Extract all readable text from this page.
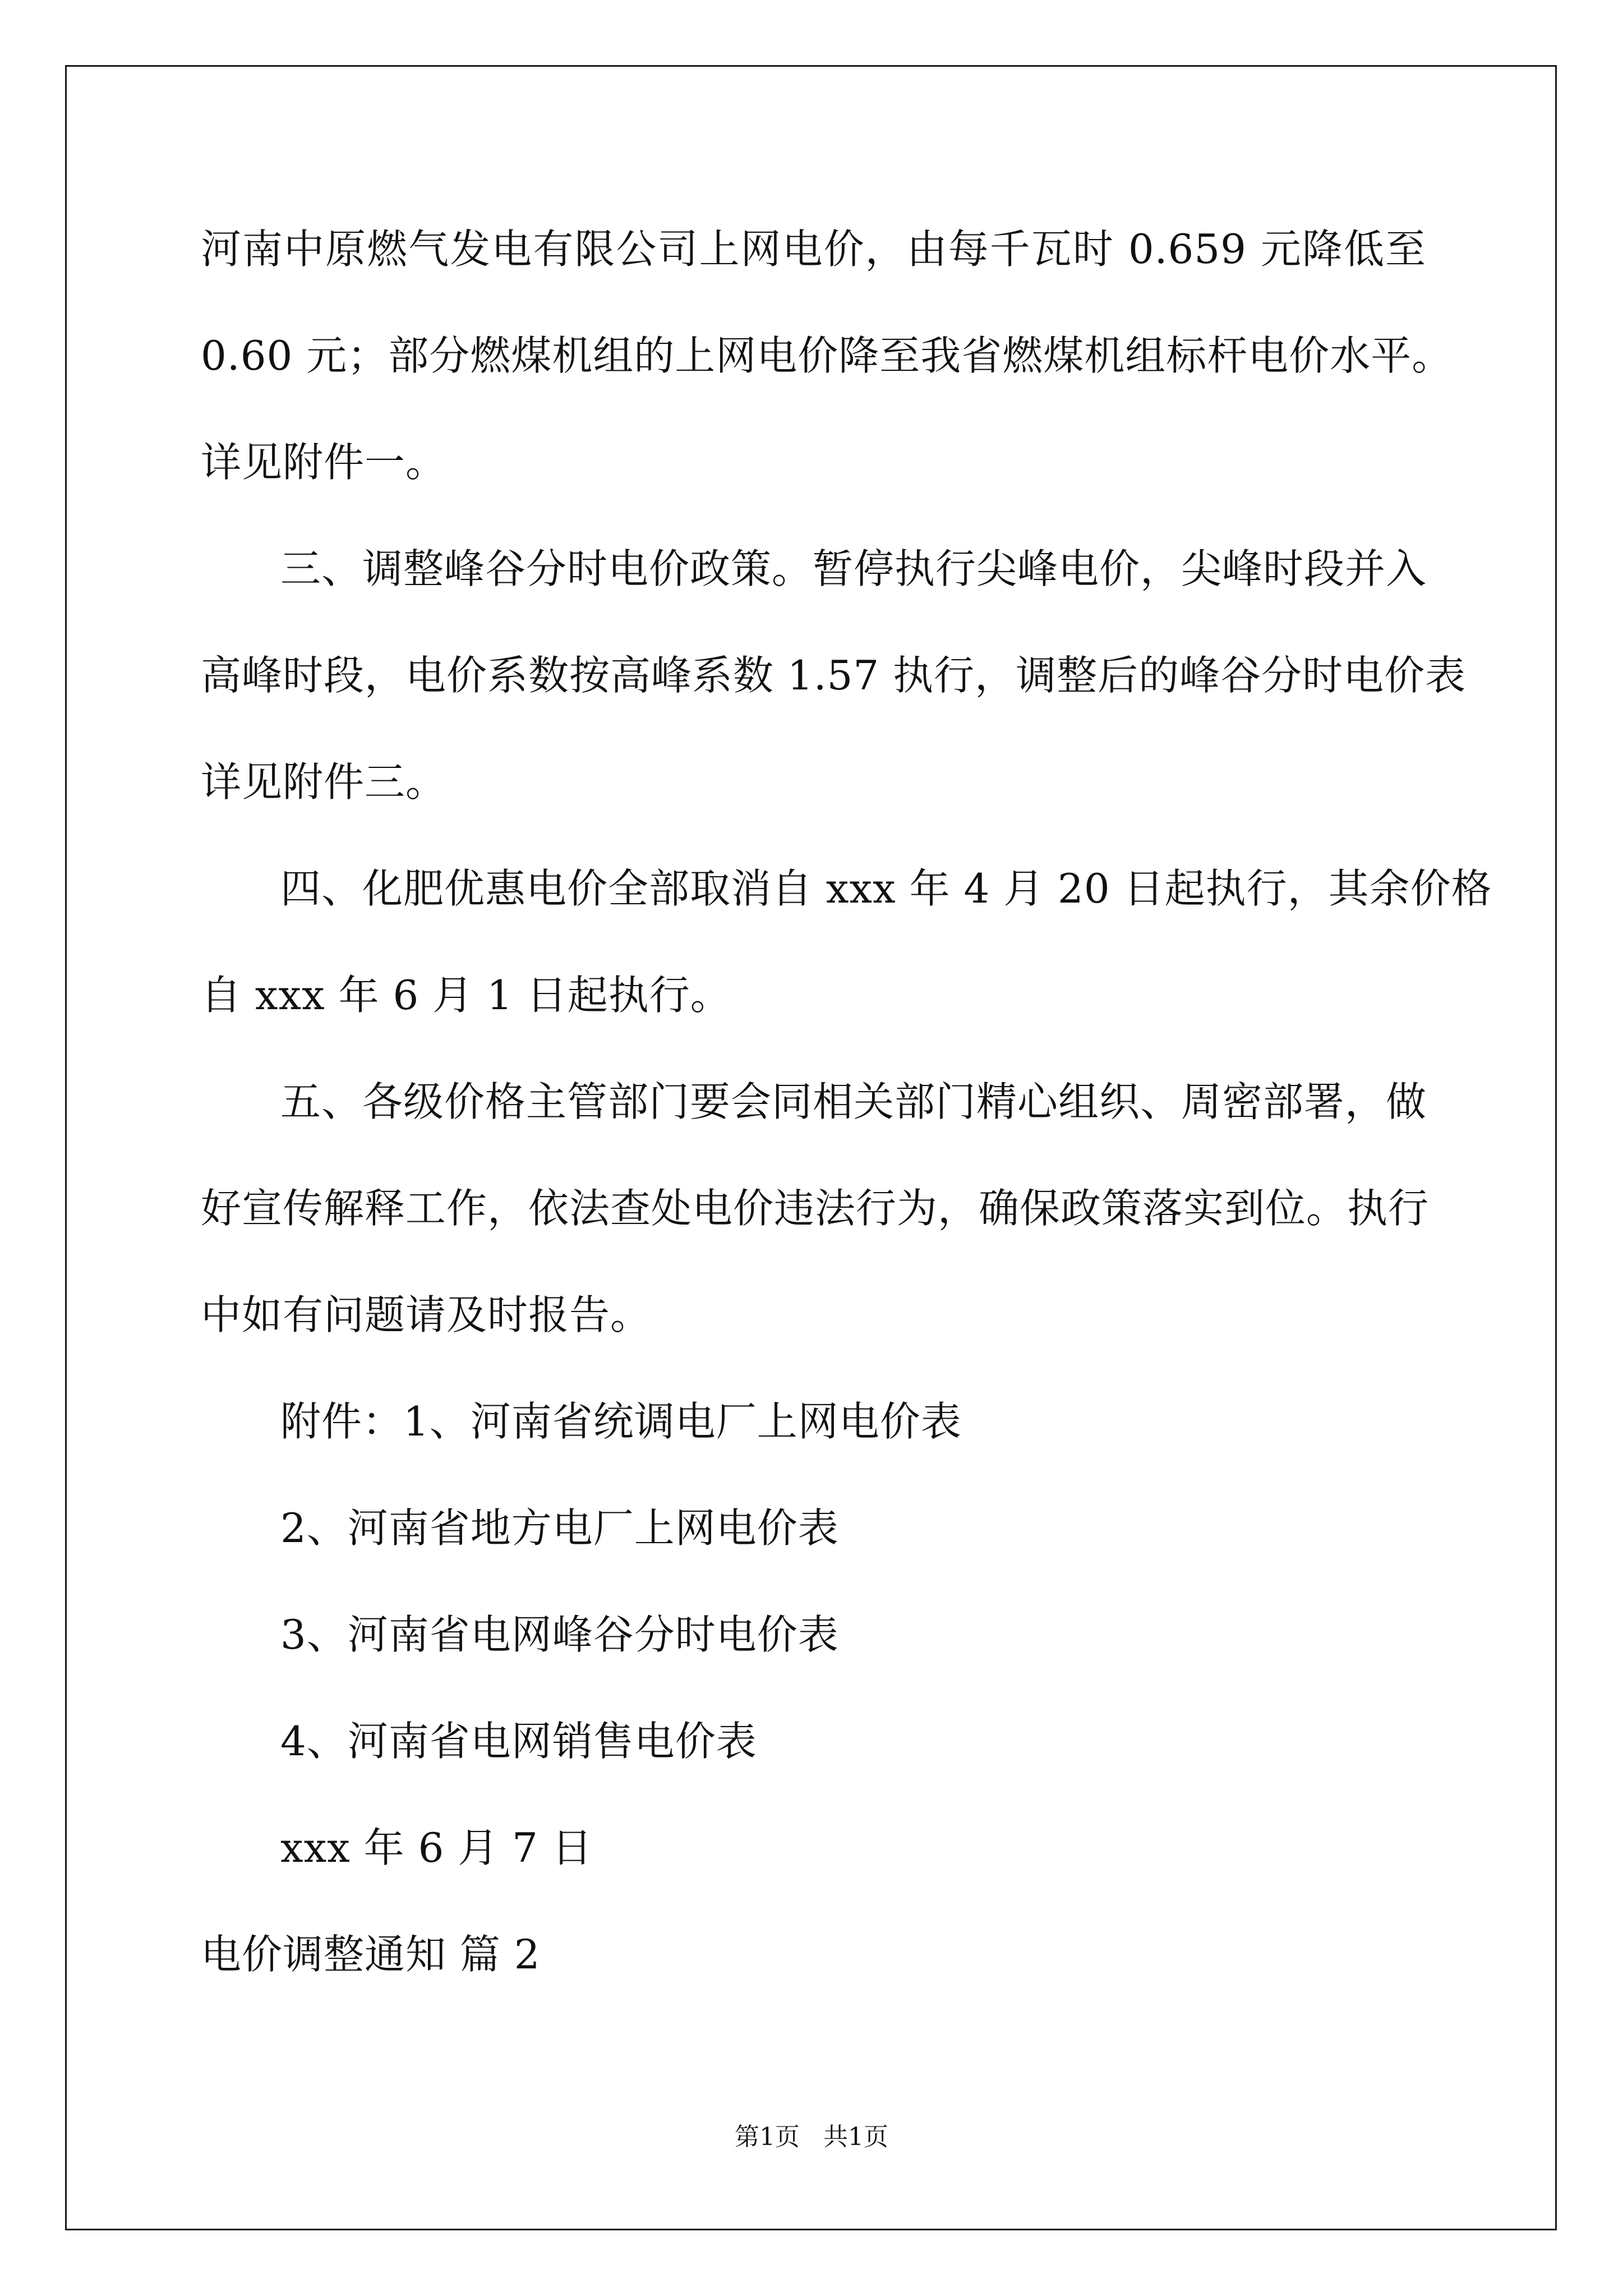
河南中原燃气发电有限公司上网电价，由每千瓦时 0.659 元降低至
0.60 元；部分燃煤机组的上网电价降至我省燃煤机组标杆电价水平。
详见附件一。
三、调整峰谷分时电价政策。暂停执行尖峰电价，尖峰时段并入
高峰时段，电价系数按高峰系数 1.57 执行，调整后的峰谷分时电价表
详见附件三。
四、化肥优惠电价全部取消自 xxx 年 4 月 20 日起执行，其余价格
自 xxx 年 6 月 1 日起执行。
五、各级价格主管部门要会同相关部门精心组织、周密部署，做
好宣传解释工作，依法查处电价违法行为，确保政策落实到位。执行
中如有问题请及时报告。
附件：1、河南省统调电厂上网电价表
2、河南省地方电厂上网电价表
3、河南省电网峰谷分时电价表
4、河南省电网销售电价表
xxx 年 6 月 7 日
电价调整通知 篇 2
第1页   共1页
